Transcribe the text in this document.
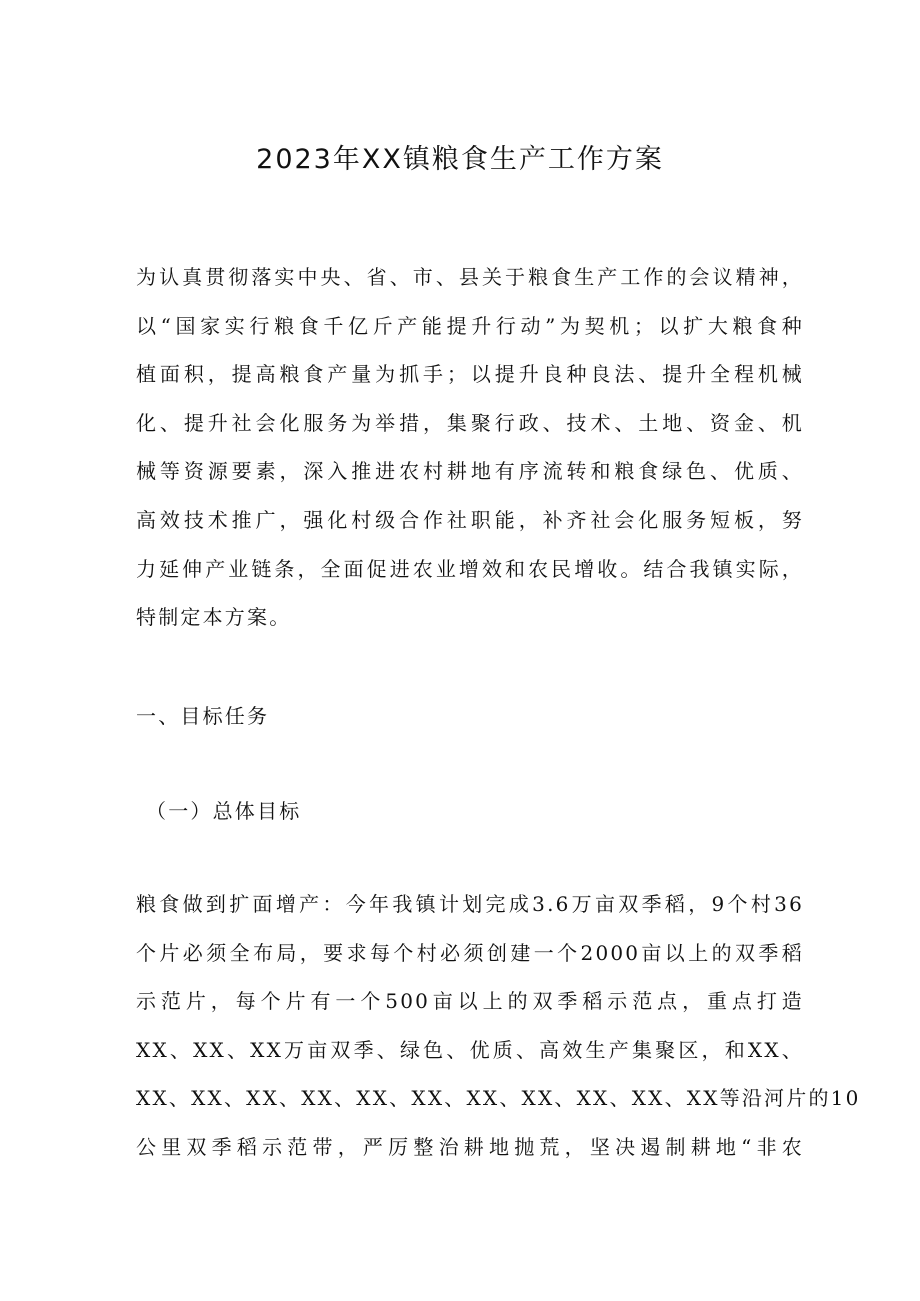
2023年XX镇粮食生产工作方案
为认真贯彻落实中央、省、市、县关于粮食生产工作的会议精神，
以“国家实行粮食千亿斤产能提升行动”为契机；以扩大粮食种
植面积，提高粮食产量为抓手；以提升良种良法、提升全程机械
化、提升社会化服务为举措，集聚行政、技术、土地、资金、机
械等资源要素，深入推进农村耕地有序流转和粮食绿色、优质、
高效技术推广，强化村级合作社职能，补齐社会化服务短板，努
力延伸产业链条，全面促进农业增效和农民增收。结合我镇实际，
特制定本方案。
一、目标任务
（一）总体目标
粮食做到扩面增产：今年我镇计划完成3.6万亩双季稻，9个村36
个片必须全布局，要求每个村必须创建一个2000亩以上的双季稻
示范片，每个片有一个500亩以上的双季稻示范点，重点打造
XX、XX、XX万亩双季、绿色、优质、高效生产集聚区，和XX、
XX、XX、XX、XX、XX、XX、XX、XX、XX、XX、XX等沿河片的10
公里双季稻示范带，严厉整治耕地抛荒，坚决遏制耕地“非农
